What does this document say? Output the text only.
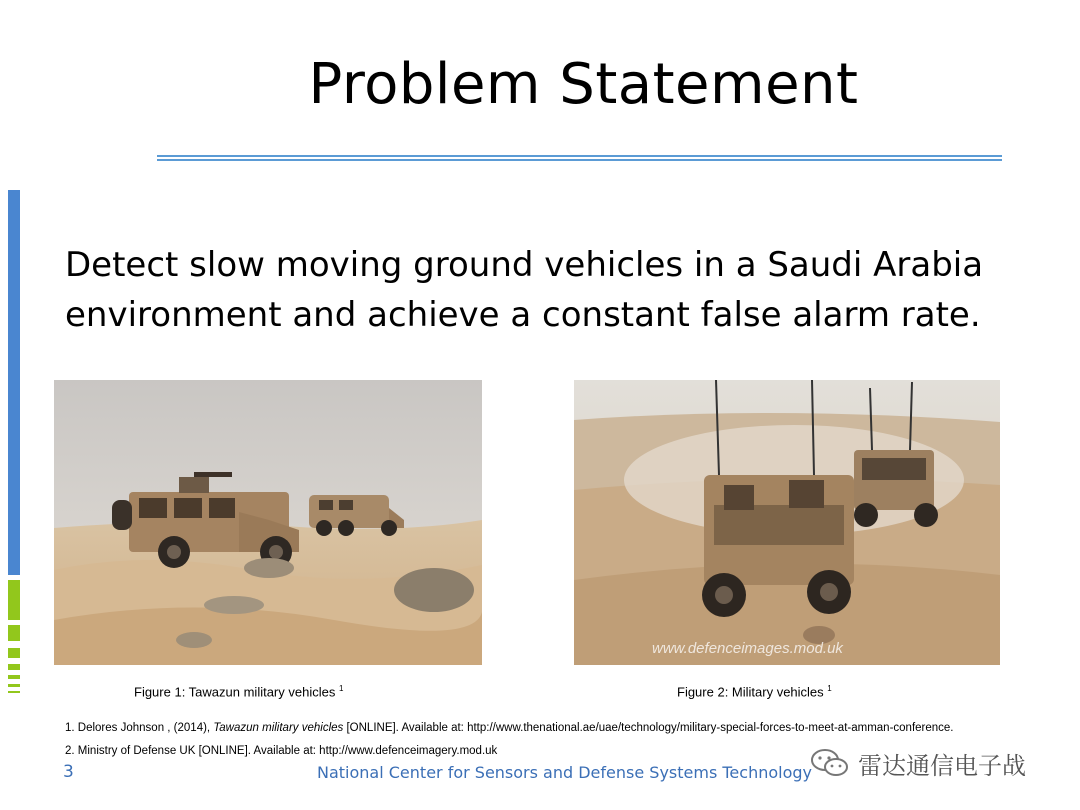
Problem Statement
Detect slow moving ground vehicles in a Saudi Arabia
environment and achieve a constant false alarm rate.
www.defenceimages.mod.uk
Figure 1: Tawazun military vehicles $^1$	Figure 2: Military vehicles $^1$
1. Delores Johnson , (2014), Tawazun military vehicles [ONLINE]. Available at: http://www.thenational.ae/uae/technology/military-special-forces-to-meet-at-amman-conference.
2. Ministry of Defense UK [ONLINE]. Available at: http://www.defenceimagery.mod.uk
3	National Center for Sensors and Defense Systems Technology 雷达通信电子战
